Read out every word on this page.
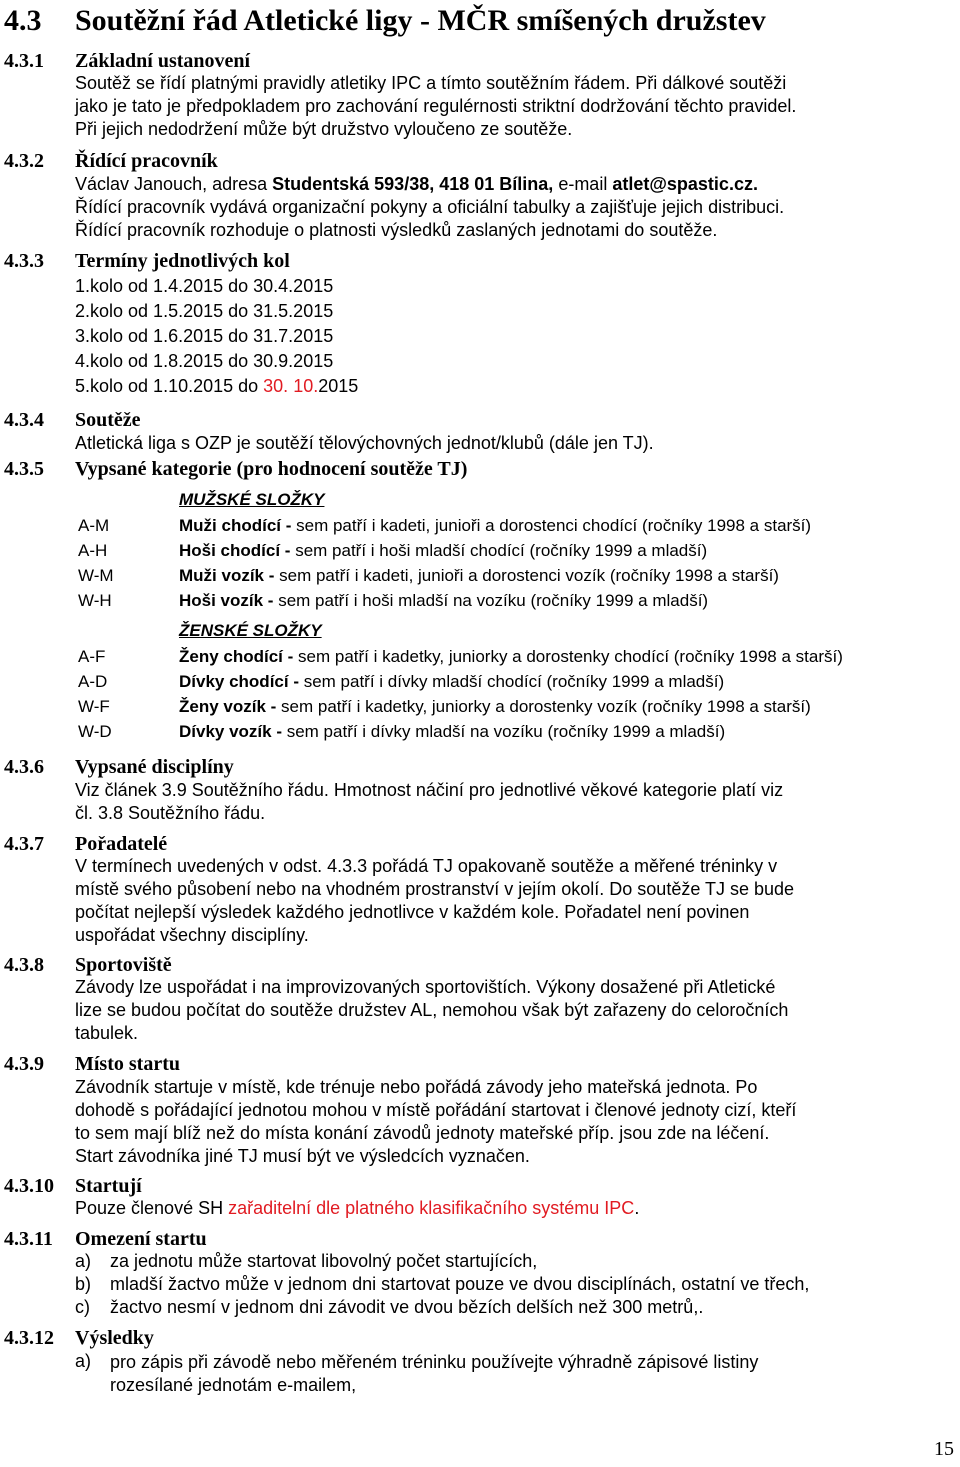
4.3 Soutěžní řád Atletické ligy - MČR smíšených družstev
4.3.1 Základní ustanovení
Soutěž se řídí platnými pravidly atletiky IPC a tímto soutěžním řádem. Při dálkové soutěži
jako je tato je předpokladem pro zachování regulérnosti striktní dodržování těchto pravidel.
Při jejich nedodržení může být družstvo vyloučeno ze soutěže.
4.3.2 Řídící pracovník
Václav Janouch, adresa Studentská 593/38, 418 01 Bílina, e-mail atlet@spastic.cz.
Řídící pracovník vydává organizační pokyny a oficiální tabulky a zajišťuje jejich distribuci.
Řídící pracovník rozhoduje o platnosti výsledků zaslaných jednotami do soutěže.
4.3.3 Termíny jednotlivých kol
1.kolo od 1.4.2015 do 30.4.2015
2.kolo od 1.5.2015 do 31.5.2015
3.kolo od 1.6.2015 do 31.7.2015
4.kolo od 1.8.2015 do 30.9.2015
5.kolo od 1.10.2015 do 30. 10.2015
4.3.4 Soutěže
Atletická liga s OZP je soutěží tělovýchovných jednot/klubů (dále jen TJ).
4.3.5 Vypsané kategorie (pro hodnocení soutěže TJ)
MUŽSKÉ SLOŽKY
A-M	Muži chodící - sem patří i kadeti, junioři a dorostenci chodící (ročníky 1998 a starší)
A-H	Hoši chodící - sem patří i hoši mladší chodící (ročníky 1999 a mladší)
W-M	Muži vozík - sem patří i kadeti, junioři a dorostenci vozík (ročníky 1998 a starší)
W-H	Hoši vozík - sem patří i hoši mladší na vozíku (ročníky 1999 a mladší)
ŽENSKÉ SLOŽKY
A-F	Ženy chodící - sem patří i kadetky, juniorky a dorostenky chodící (ročníky 1998 a starší)
A-D	Dívky chodící - sem patří i dívky mladší chodící (ročníky 1999 a mladší)
W-F	Ženy vozík - sem patří i kadetky, juniorky a dorostenky vozík (ročníky 1998 a starší)
W-D	Dívky vozík - sem patří i dívky mladší na vozíku (ročníky 1999 a mladší)
4.3.6 Vypsané disciplíny
Viz článek 3.9 Soutěžního řádu. Hmotnost náčiní pro jednotlivé věkové kategorie platí viz
čl. 3.8 Soutěžního řádu.
4.3.7 Pořadatelé
V termínech uvedených v odst. 4.3.3 pořádá TJ opakovaně soutěže a měřené tréninky v
místě svého působení nebo na vhodném prostranství v jejím okolí. Do soutěže TJ se bude
počítat nejlepší výsledek každého jednotlivce v každém kole. Pořadatel není povinen
uspořádat všechny disciplíny.
4.3.8 Sportoviště
Závody lze uspořádat i na improvizovaných sportovištích. Výkony dosažené při Atletické
lize se budou počítat do soutěže družstev AL, nemohou však být zařazeny do celoročních
tabulek.
4.3.9 Místo startu
Závodník startuje v místě, kde trénuje nebo pořádá závody jeho mateřská jednota. Po
dohodě s pořádající jednotou mohou v místě pořádání startovat i členové jednoty cizí, kteří
to sem mají blíž než do místa konání závodů jednoty mateřské příp. jsou zde na léčení.
Start závodníka jiné TJ musí být ve výsledcích vyznačen.
4.3.10 Startují
Pouze členové SH zařaditelní dle platného klasifikačního systému IPC.
4.3.11 Omezení startu
a) za jednotu může startovat libovolný počet startujících,
b) mladší žactvo může v jednom dni startovat pouze ve dvou disciplínách, ostatní ve třech,
c) žactvo nesmí v jednom dni závodit ve dvou bězích delších než 300 metrů,.
4.3.12 Výsledky
a) pro zápis při závodě nebo měřeném tréninku používejte výhradně zápisové listiny
rozesílané jednotám e-mailem,
15
